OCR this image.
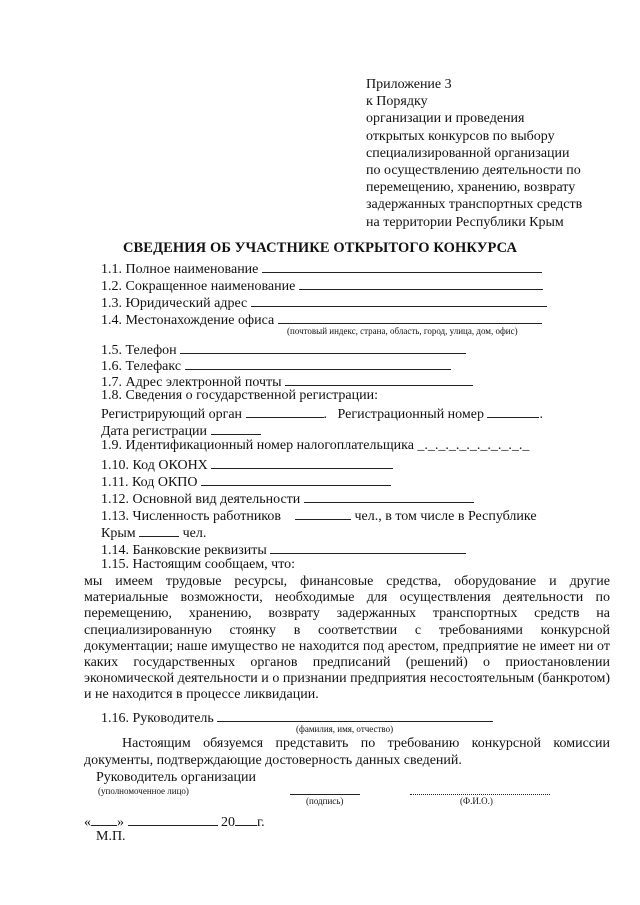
Приложение 3
к Порядку
организации и проведения
открытых конкурсов по выбору
специализированной организации
по осуществлению деятельности по
перемещению, хранению, возврату
задержанных транспортных средств
на территории Республики Крым
СВЕДЕНИЯ ОБ УЧАСТНИКЕ ОТКРЫТОГО КОНКУРСА
1.1. Полное наименование
1.2. Сокращенное наименование
1.3. Юридический адрес
1.4. Местонахождение офиса
(почтовый индекс, страна, область, город, улица, дом, офис)
1.5. Телефон
1.6. Телефакс
1.7. Адрес электронной почты
1.8. Сведения о государственной регистрации:
Регистрирующий орган	.   Регистрационный номер	.
Дата регистрации
1.9. Идентификационный номер налогоплательщика _._._._._._._._._._._
1.10. Код ОКОНХ
1.11. Код ОКПО
1.12. Основной вид деятельности
1.13. Численность работников	чел., в том числе в Республике
Крым	чел.
1.14. Банковские реквизиты
1.15. Настоящим сообщаем, что:
мы имеем трудовые ресурсы, финансовые средства, оборудование и другие материальные возможности, необходимые для осуществления деятельности по перемещению, хранению, возврату задержанных транспортных средств на специализированную стоянку в соответствии с требованиями конкурсной документации; наше имущество не находится под арестом, предприятие не имеет ни от каких государственных органов предписаний (решений) о приостановлении экономической деятельности и о признании предприятия несостоятельным (банкротом) и не находится в процессе ликвидации.
1.16. Руководитель
(фамилия, имя, отчество)
Настоящим обязуемся представить по требованию конкурсной комиссии документы, подтверждающие достоверность данных сведений.
Руководитель организации
(уполномоченное лицо)
(подпись)	(Ф.И.О.)
« »	20 г.
М.П.
